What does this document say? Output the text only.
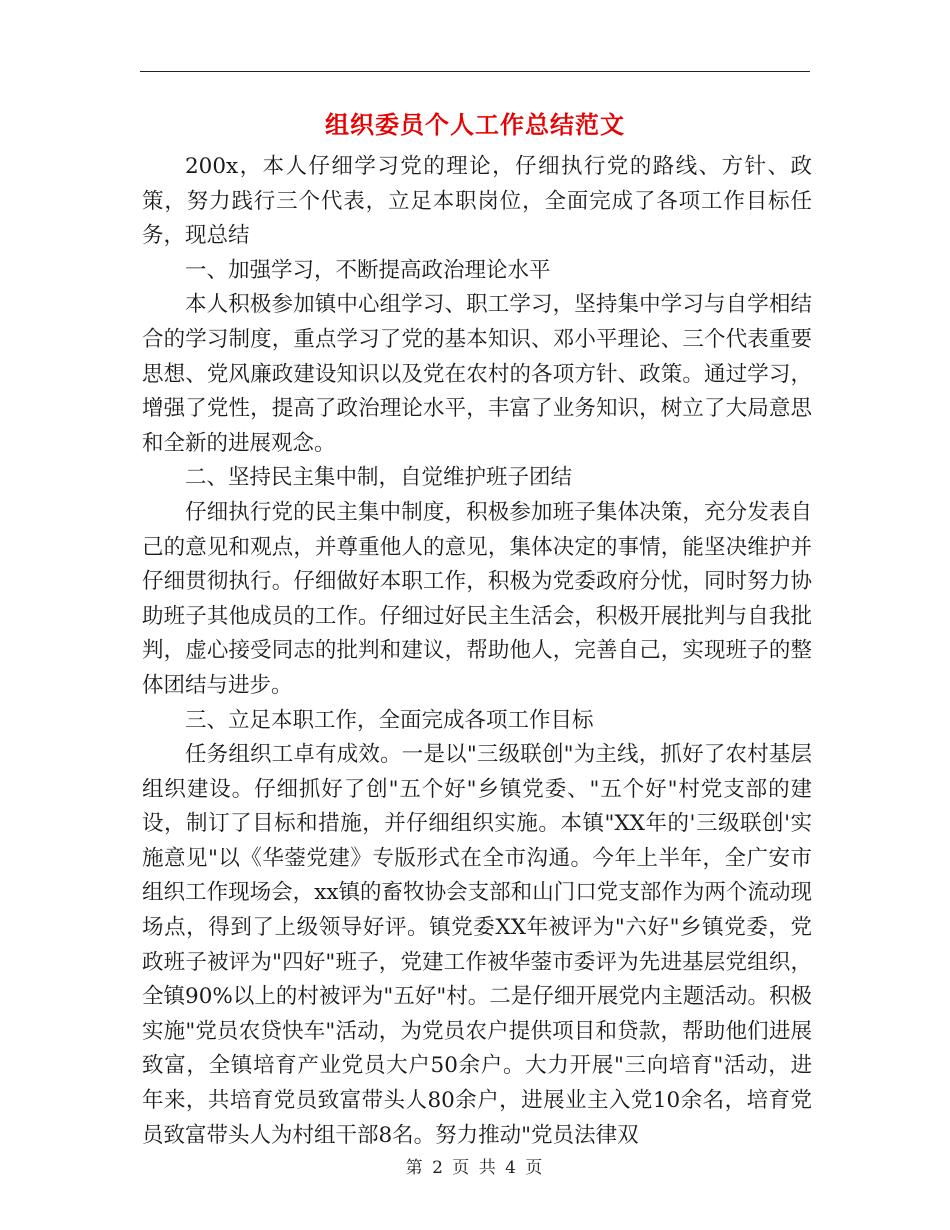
组织委员个人工作总结范文

200x，本人仔细学习党的理论，仔细执行党的路线、方针、政策，努力践行三个代表，立足本职岗位，全面完成了各项工作目标任务，现总结

一、加强学习，不断提高政治理论水平

本人积极参加镇中心组学习、职工学习，坚持集中学习与自学相结合的学习制度，重点学习了党的基本知识、邓小平理论、三个代表重要思想、党风廉政建设知识以及党在农村的各项方针、政策。通过学习，增强了党性，提高了政治理论水平，丰富了业务知识，树立了大局意思和全新的进展观念。

二、坚持民主集中制，自觉维护班子团结

仔细执行党的民主集中制度，积极参加班子集体决策，充分发表自己的意见和观点，并尊重他人的意见，集体决定的事情，能坚决维护并仔细贯彻执行。仔细做好本职工作，积极为党委政府分忧，同时努力协助班子其他成员的工作。仔细过好民主生活会，积极开展批判与自我批判，虚心接受同志的批判和建议，帮助他人，完善自己，实现班子的整体团结与进步。

三、立足本职工作，全面完成各项工作目标

任务组织工卓有成效。一是以"三级联创"为主线，抓好了农村基层组织建设。仔细抓好了创"五个好"乡镇党委、"五个好"村党支部的建设，制订了目标和措施，并仔细组织实施。本镇"XX年的'三级联创'实施意见"以《华蓥党建》专版形式在全市沟通。今年上半年，全广安市组织工作现场会，xx镇的畜牧协会支部和山门口党支部作为两个流动现场点，得到了上级领导好评。镇党委XX年被评为"六好"乡镇党委，党政班子被评为"四好"班子，党建工作被华蓥市委评为先进基层党组织，全镇90%以上的村被评为"五好"村。二是仔细开展党内主题活动。积极实施"党员农贷快车"活动，为党员农户提供项目和贷款，帮助他们进展致富，全镇培育产业党员大户50余户。大力开展"三向培育"活动，进年来，共培育党员致富带头人80余户，进展业主入党10余名，培育党员致富带头人为村组干部8名。努力推动"党员法律双

第 2 页 共 4 页
